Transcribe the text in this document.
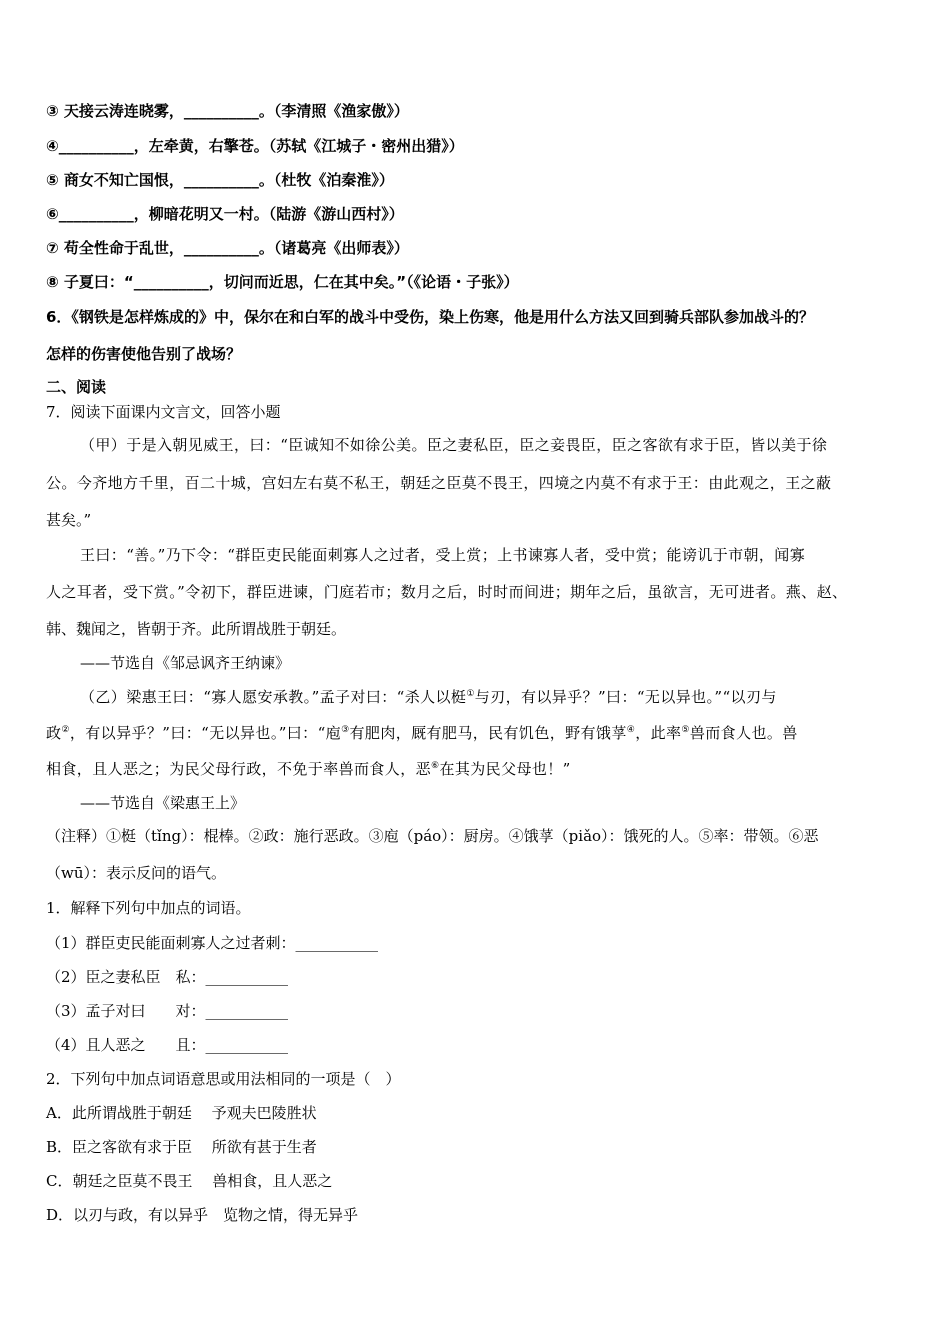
③ 天接云涛连晓雾，__________。（李清照《渔家傲》）
④__________，左牵黄，右擎苍。（苏轼《江城子・密州出猎》）
⑤ 商女不知亡国恨，__________。（杜牧《泊秦淮》）
⑥__________，柳暗花明又一村。（陆游《游山西村》）
⑦ 苟全性命于乱世，__________。（诸葛亮《出师表》）
⑧ 子夏曰：“__________，切问而近思，仁在其中矣。”（《论语・子张》）
6．《钢铁是怎样炼成的》中，保尔在和白军的战斗中受伤，染上伤寒，他是用什么方法又回到骑兵部队参加战斗的？
怎样的伤害使他告别了战场？
二、阅读
7．阅读下面课内文言文，回答小题
（甲）于是入朝见威王，曰：“臣诚知不如徐公美。臣之妻私臣，臣之妾畏臣，臣之客欲有求于臣，皆以美于徐
公。今齐地方千里，百二十城，宫妇左右莫不私王，朝廷之臣莫不畏王，四境之内莫不有求于王：由此观之，王之蔽
甚矣。”
王曰：“善。”乃下令：“群臣吏民能面刺寡人之过者，受上赏；上书谏寡人者，受中赏；能谤讥于市朝，闻寡
人之耳者，受下赏。”令初下，群臣进谏，门庭若市；数月之后，时时而间进；期年之后，虽欲言，无可进者。燕、赵、
韩、魏闻之，皆朝于齐。此所谓战胜于朝廷。
——节选自《邹忌讽齐王纳谏》
（乙）梁惠王曰：“寡人愿安承教。”孟子对曰：“杀人以梃①与刃，有以异乎？”曰：“无以异也。”“以刃与
政②，有以异乎？”曰：“无以异也。”曰：“庖③有肥肉，厩有肥马，民有饥色，野有饿莩④，此率⑤兽而食人也。兽
相食，且人恶之；为民父母行政，不免于率兽而食人，恶⑥在其为民父母也！”
——节选自《梁惠王上》
（注释）①梃（tǐng）：棍棒。②政：施行恶政。③庖（páo）：厨房。④饿莩（piǎo）：饿死的人。⑤率：带领。⑥恶
（wū）：表示反问的语气。
1．解释下列句中加点的词语。
（1）群臣吏民能面刺寡人之过者刺：___________
（2）臣之妻私臣　私：___________
（3）孟子对曰　　对：___________
（4）且人恶之　　且：___________
2．下列句中加点词语意思或用法相同的一项是（　）
A．此所谓战胜于朝廷　 予观夫巴陵胜状
B．臣之客欲有求于臣　 所欲有甚于生者
C．朝廷之臣莫不畏王　 兽相食，且人恶之
D．以刃与政，有以异乎　览物之情，得无异乎
